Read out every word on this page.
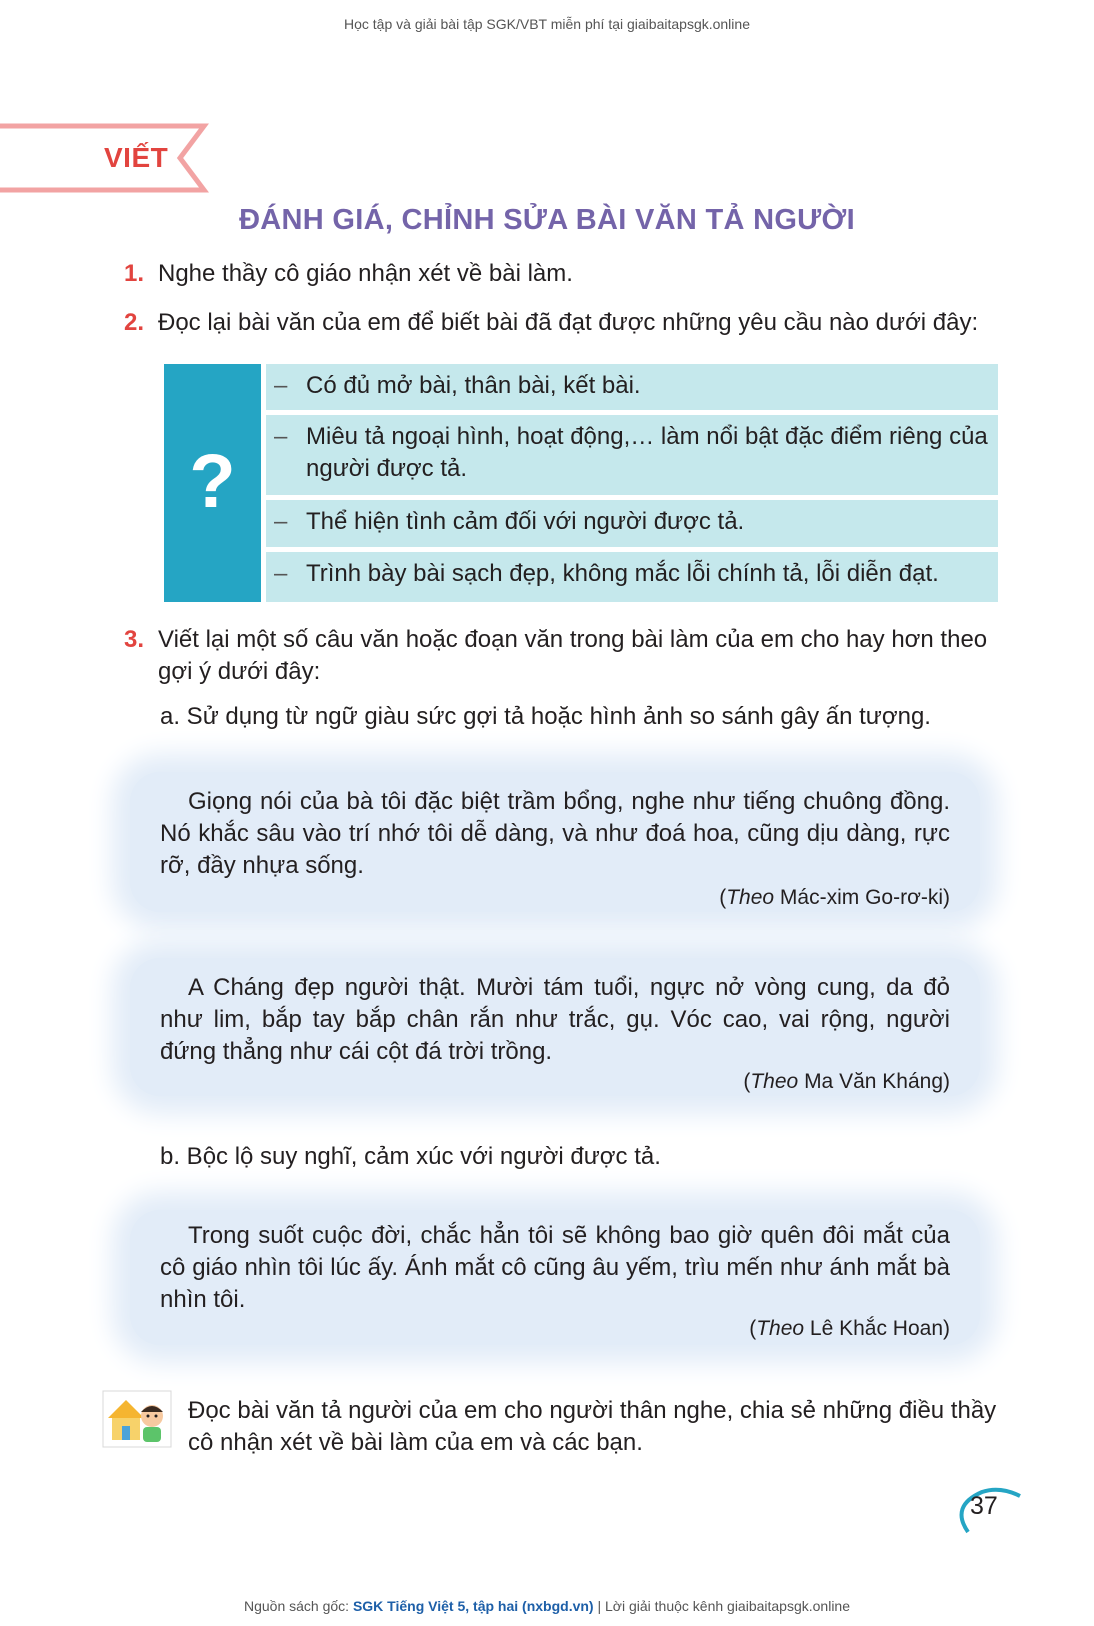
Học tập và giải bài tập SGK/VBT miễn phí tại giaibaitapsgk.online
VIẾT
ĐÁNH GIÁ, CHỈNH SỬA BÀI VĂN TẢ NGƯỜI
1. Nghe thầy cô giáo nhận xét về bài làm.
2. Đọc lại bài văn của em để biết bài đã đạt được những yêu cầu nào dưới đây:
?
– Có đủ mở bài, thân bài, kết bài.
– Miêu tả ngoại hình, hoạt động,… làm nổi bật đặc điểm riêng của người được tả.
– Thể hiện tình cảm đối với người được tả.
– Trình bày bài sạch đẹp, không mắc lỗi chính tả, lỗi diễn đạt.
3. Viết lại một số câu văn hoặc đoạn văn trong bài làm của em cho hay hơn theo gợi ý dưới đây:
a. Sử dụng từ ngữ giàu sức gợi tả hoặc hình ảnh so sánh gây ấn tượng.
Giọng nói của bà tôi đặc biệt trầm bổng, nghe như tiếng chuông đồng. Nó khắc sâu vào trí nhớ tôi dễ dàng, và như đoá hoa, cũng dịu dàng, rực rỡ, đầy nhựa sống.
(Theo Mác-xim Go-rơ-ki)
A Cháng đẹp người thật. Mười tám tuổi, ngực nở vòng cung, da đỏ như lim, bắp tay bắp chân rắn như trắc, gụ. Vóc cao, vai rộng, người đứng thẳng như cái cột đá trời trồng.
(Theo Ma Văn Kháng)
b. Bộc lộ suy nghĩ, cảm xúc với người được tả.
Trong suốt cuộc đời, chắc hẳn tôi sẽ không bao giờ quên đôi mắt của cô giáo nhìn tôi lúc ấy. Ánh mắt cô cũng âu yếm, trìu mến như ánh mắt bà nhìn tôi.
(Theo Lê Khắc Hoan)
Đọc bài văn tả người của em cho người thân nghe, chia sẻ những điều thầy cô nhận xét về bài làm của em và các bạn.
37
Nguồn sách gốc: SGK Tiếng Việt 5, tập hai (nxbgd.vn) | Lời giải thuộc kênh giaibaitapsgk.online
